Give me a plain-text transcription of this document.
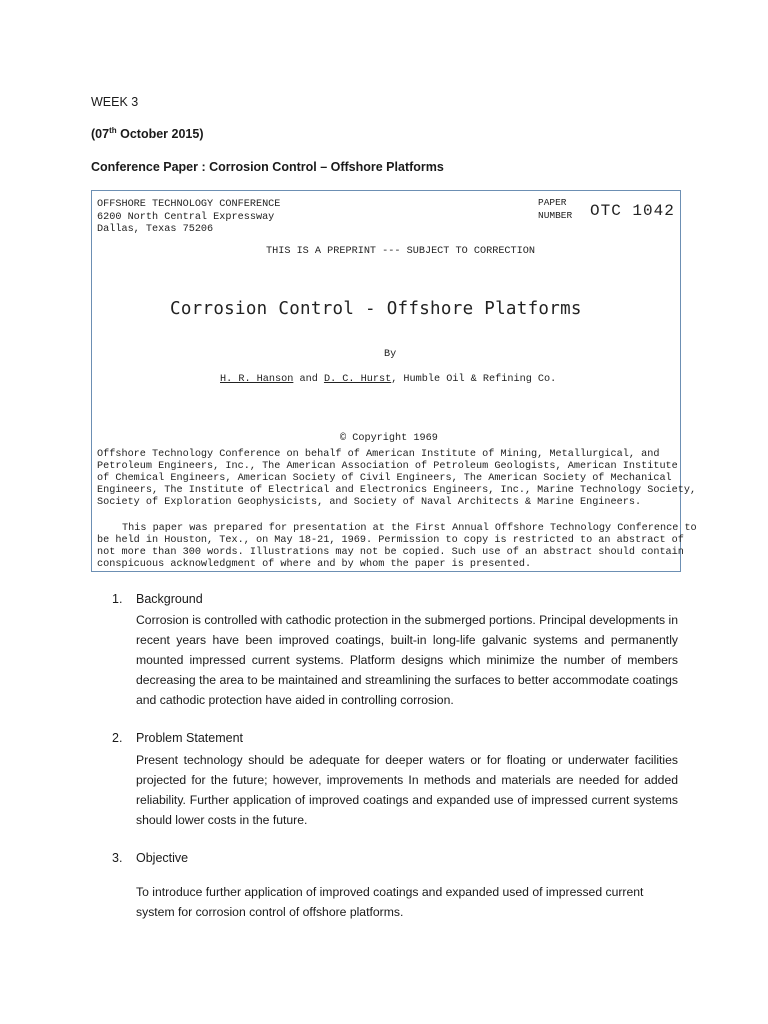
WEEK 3
(07th October 2015)
Conference Paper : Corrosion Control – Offshore Platforms
OFFSHORE TECHNOLOGY CONFERENCE
6200 North Central Expressway
Dallas, Texas 75206
PAPER
NUMBER OTC 1042
THIS IS A PREPRINT --- SUBJECT TO CORRECTION
Corrosion Control - Offshore Platforms
By
H. R. Hanson and D. C. Hurst, Humble Oil & Refining Co.
© Copyright 1969
Offshore Technology Conference on behalf of American Institute of Mining, Metallurgical, and
Petroleum Engineers, Inc., The American Association of Petroleum Geologists, American Institute
of Chemical Engineers, American Society of Civil Engineers, The American Society of Mechanical
Engineers, The Institute of Electrical and Electronics Engineers, Inc., Marine Technology Society,
Society of Exploration Geophysicists, and Society of Naval Architects & Marine Engineers.
This paper was prepared for presentation at the First Annual Offshore Technology Conference to
be held in Houston, Tex., on May 18-21, 1969. Permission to copy is restricted to an abstract of
not more than 300 words. Illustrations may not be copied. Such use of an abstract should contain
conspicuous acknowledgment of where and by whom the paper is presented.
1. Background
Corrosion is controlled with cathodic protection in the submerged portions. Principal developments in recent years have been improved coatings, built-in long-life galvanic systems and permanently mounted impressed current systems. Platform designs which minimize the number of members decreasing the area to be maintained and streamlining the surfaces to better accommodate coatings and cathodic protection have aided in controlling corrosion.
2. Problem Statement
Present technology should be adequate for deeper waters or for floating or underwater facilities projected for the future; however, improvements In methods and materials are needed for added reliability. Further application of improved coatings and expanded use of impressed current systems should lower costs in the future.
3. Objective
To introduce further application of improved coatings and expanded used of impressed current system for corrosion control of offshore platforms.
